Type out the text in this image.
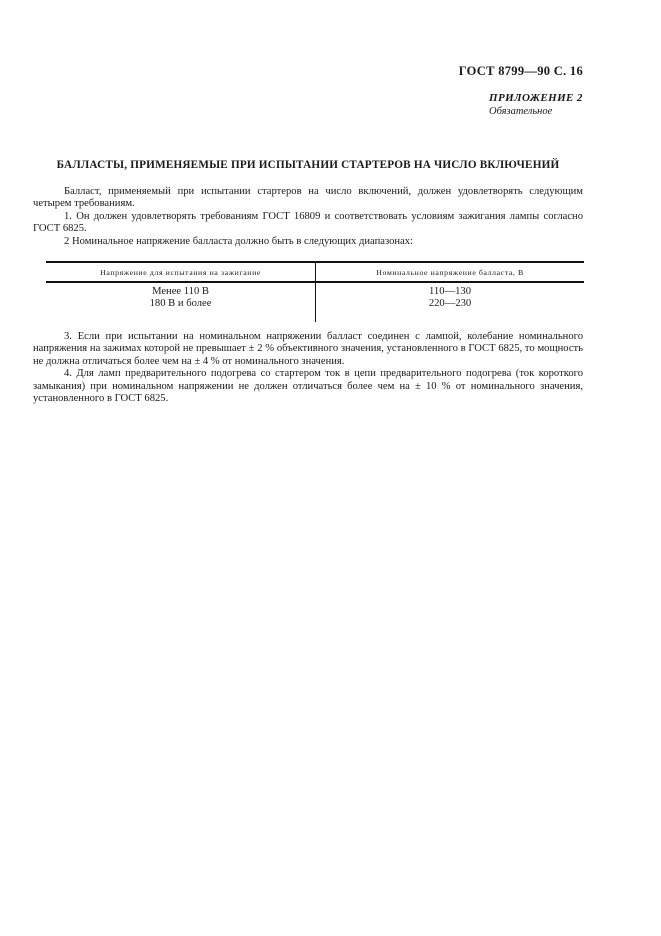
ГОСТ 8799—90 С. 16
ПРИЛОЖЕНИЕ 2
Обязательное
БАЛЛАСТЫ, ПРИМЕНЯЕМЫЕ ПРИ ИСПЫТАНИИ СТАРТЕРОВ НА ЧИСЛО ВКЛЮЧЕНИЙ

Балласт, применяемый при испытании стартеров на число включений, должен удовлетворять следующим четырем требованиям.

1. Он должен удовлетворять требованиям ГОСТ 16809 и соответствовать условиям зажигания лампы согласно ГОСТ 6825.

2 Номинальное напряжение балласта должно быть в следующих диапазонах:

Напряжение для испытания на зажигание	Номинальное напряжение балласта, В
Менее 110 В
180 В и более
110—130
220—230

3. Если при испытании на номинальном напряжении балласт соединен с лампой, колебание номинального напряжения на зажимах которой не превышает ± 2 % объективного значения, установленного в ГОСТ 6825, то мощность не должна отличаться более чем на ± 4 % от номинального значения.

4. Для ламп предварительного подогрева со стартером ток в цепи предварительного подогрева (ток короткого замыкания) при номинальном напряжении не должен отличаться более чем на ± 10 % от номинального значения, установленного в ГОСТ 6825.
